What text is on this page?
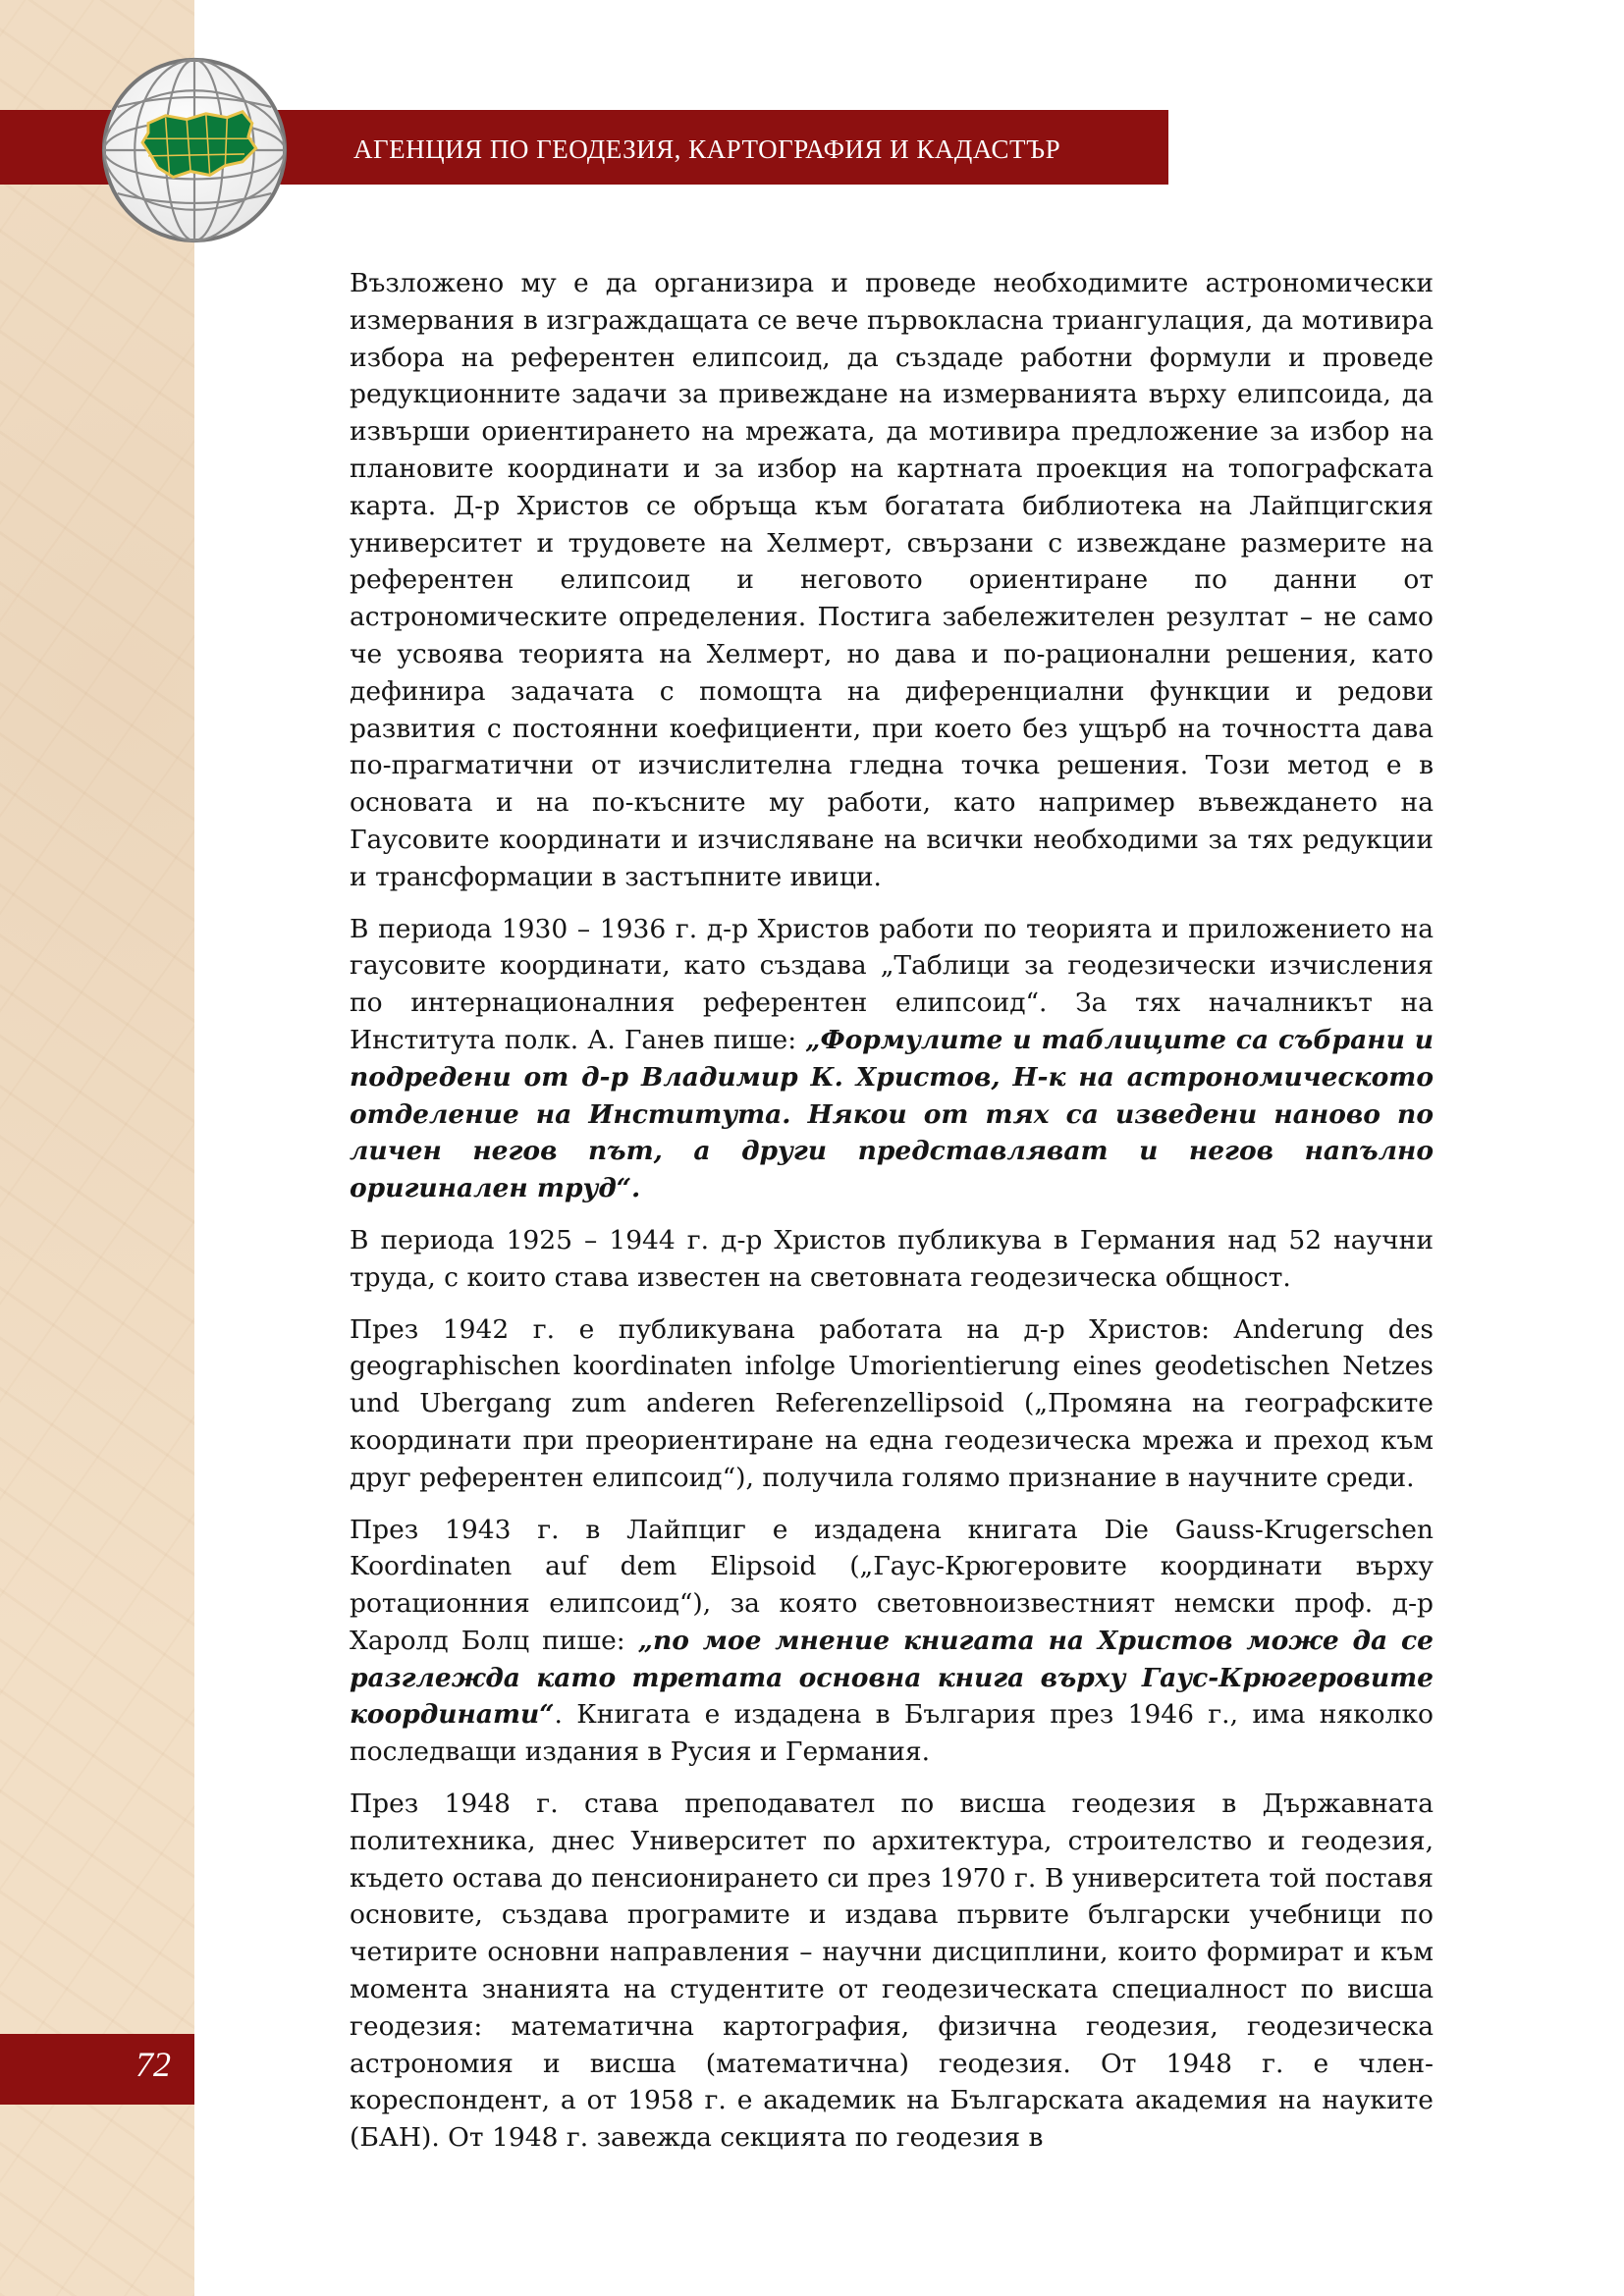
АГЕНЦИЯ ПО ГЕОДЕЗИЯ, КАРТОГРАФИЯ И КАДАСТЪР

Възложено му е да организира и проведе необходимите астрономически измервания в изграждащата се вече първокласна триангулация, да мотивира избора на референтен елипсоид, да създаде работни формули и проведе редукционните задачи за привеждане на измерванията върху елипсоида, да извърши ориентирането на мрежата, да мотивира предложение за избор на плановите координати и за избор на картната проекция на топографската карта. Д-р Христов се обръща към богатата библиотека на Лайпцигския университет и трудовете на Хелмерт, свързани с извеждане размерите на референтен елипсоид и неговото ориентиране по данни от астрономическите определения. Постига забележителен резултат – не само че усвоява теорията на Хелмерт, но дава и по-рационални решения, като дефинира задачата с помощта на диференциални функции и редови развития с постоянни коефициенти, при което без ущърб на точността дава по-прагматични от изчислителна гледна точка решения. Този метод е в основата и на по-късните му работи, като например въвеждането на Гаусовите координати и изчисляване на всички необходими за тях редукции и трансформации в застъпните ивици.

В периода 1930 – 1936 г. д-р Христов работи по теорията и приложението на гаусовите координати, като създава „Таблици за геодезически изчисления по интернационалния референтен елипсоид“. За тях началникът на Института полк. А. Ганев пише: „Формулите и таблиците са събрани и подредени от д-р Владимир К. Христов, Н-к на астрономическото отделение на Института. Някои от тях са изведени наново по личен негов път, а други представляват и негов напълно оригинален труд“.

В периода 1925 – 1944 г. д-р Христов публикува в Германия над 52 научни труда, с които става известен на световната геодезическа общност.

През 1942 г. е публикувана работата на д-р Христов: Anderung des geographischen koordinaten infolge Umorientierung eines geodetischen Netzes und Ubergang zum anderen Referenzellipsoid („Промяна на географските координати при преориентиране на една геодезическа мрежа и преход към друг референтен елипсоид“), получила голямо признание в научните среди.

През 1943 г. в Лайпциг е издадена книгата Die Gauss-Krugerschen Koordinaten auf dem Elipsoid („Гаус-Крюгеровите координати върху ротационния елипсоид“), за която световноизвестният немски проф. д-р Харолд Болц пише: „по мое мнение книгата на Христов може да се разглежда като третата основна книга върху Гаус-Крюгеровите координати“. Книгата е издадена в България през 1946 г., има няколко последващи издания в Русия и Германия.

През 1948 г. става преподавател по висша геодезия в Държавната политехника, днес Университет по архитектура, строителство и геодезия, където остава до пенсионирането си през 1970 г. В университета той поставя основите, създава програмите и издава първите български учебници по четирите основни направления – научни дисциплини, които формират и към момента знанията на студентите от геодезическата специалност по висша геодезия: математична картография, физична геодезия, геодезическа астрономия и висша (математична) геодезия. От 1948 г. е член-кореспондент, а от 1958 г. е академик на Българската академия на науките (БАН). От 1948 г. завежда секцията по геодезия в

72
